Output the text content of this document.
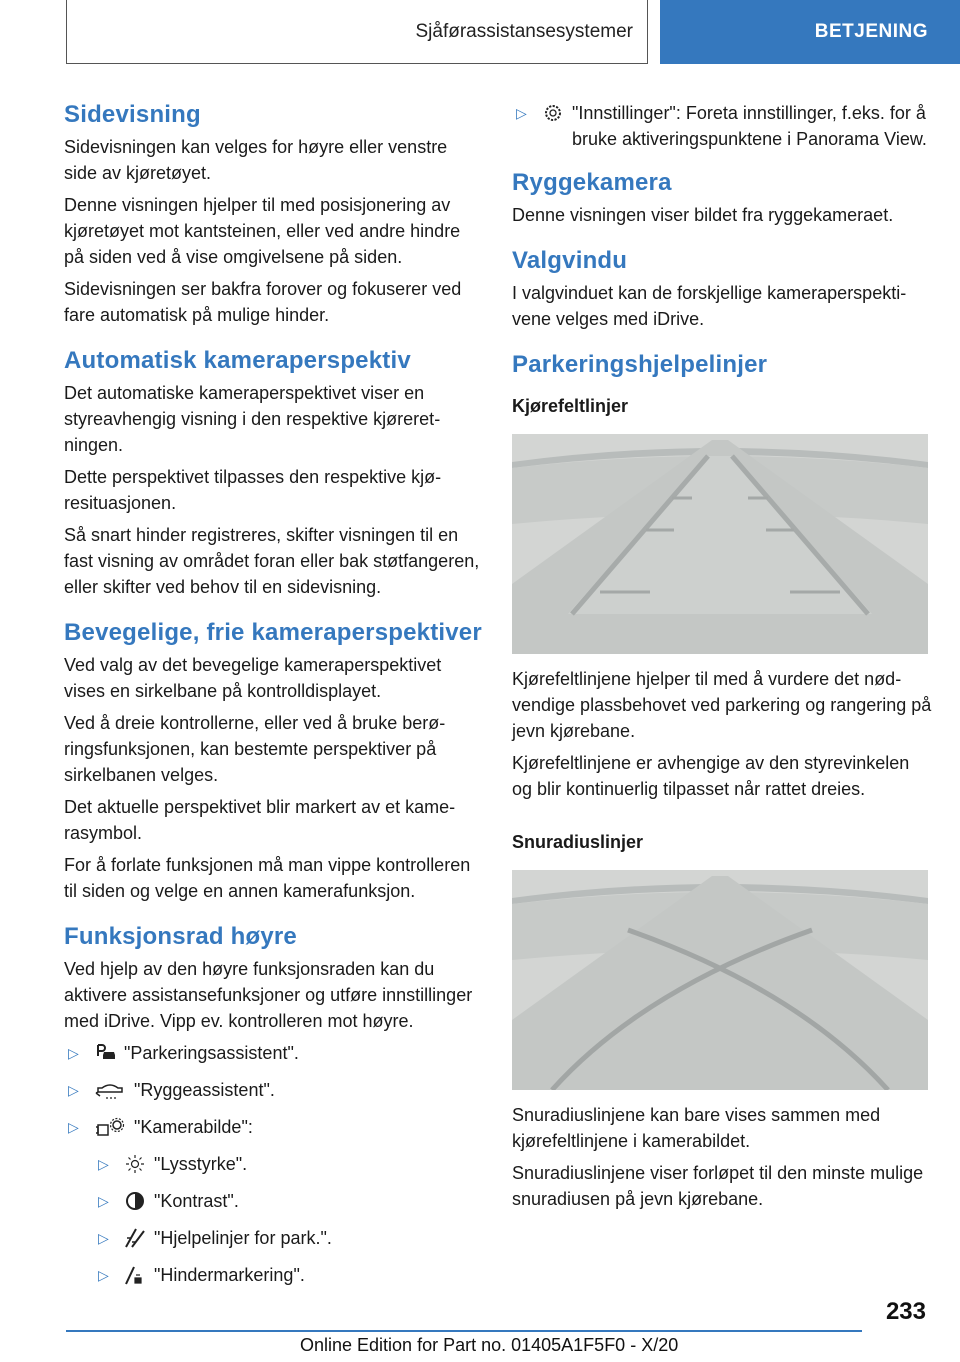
Sjåførassistansesystemer	BETJENING
Sidevisning

Sidevisningen kan velges for høyre eller venstre side av kjøretøyet.

Denne visningen hjelper til med posisjonering av kjøretøyet mot kantsteinen, eller ved andre hindre på siden ved å vise omgivelsene på siden.

Sidevisningen ser bakfra forover og fokuserer ved fare automatisk på mulige hinder.

Automatisk kameraperspektiv

Det automatiske kameraperspektivet viser en styreavhengig visning i den respektive kjøreretningen.

Dette perspektivet tilpasses den respektive kjøresituasjonen.

Så snart hinder registreres, skifter visningen til en fast visning av området foran eller bak støtfangeren, eller skifter ved behov til en sidevisning.

Bevegelige, frie kameraperspektiver

Ved valg av det bevegelige kameraperspektivet vises en sirkelbane på kontrolldisplayet.

Ved å dreie kontrollerne, eller ved å bruke berøringsfunksjonen, kan bestemte perspektiver på sirkelbanen velges.

Det aktuelle perspektivet blir markert av et kamerasymbol.

For å forlate funksjonen må man vippe kontrolleren til siden og velge en annen kamerafunksjon.

Funksjonsrad høyre

Ved hjelp av den høyre funksjonsraden kan du aktivere assistansefunksjoner og utføre innstillinger med iDrive. Vipp ev. kontrolleren mot høyre.

▷	"Parkeringsassistent".
▷	"Ryggeassistent".
▷	"Kamerabilde":
▷	"Lysstyrke".
▷	"Kontrast".
▷	"Hjelpelinjer for park.".
▷	"Hindermarkering".
▷	"Innstillinger": Foreta innstillinger, f.eks. for å bruke aktiveringspunktene i Panorama View.
Ryggekamera

Denne visningen viser bildet fra ryggekameraet.

Valgvindu

I valgvinduet kan de forskjellige kameraperspektivene velges med iDrive.

Parkeringshjelpelinjer
Kjørefeltlinjer

Kjørefeltlinjene hjelper til med å vurdere det nødvendige plassbehovet ved parkering og rangering på jevn kjørebane.

Kjørefeltlinjene er avhengige av den styrevinkelen og blir kontinuerlig tilpasset når rattet dreies.

Snuradiuslinjer

Snuradiuslinjene kan bare vises sammen med kjørefeltlinjene i kamerabildet.

Snuradiuslinjene viser forløpet til den minste mulige snuradiusen på jevn kjørebane.

233
Online Edition for Part no. 01405A1F5F0 - X/20
